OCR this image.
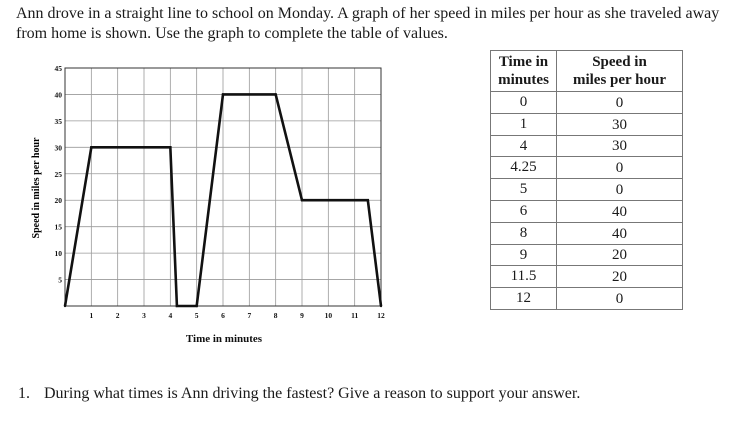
Ann drove in a straight line to school on Monday. A graph of her speed in miles per hour as she traveled away from home is shown. Use the graph to complete the table of values.

5
10
15
20
25
30
35
40
45
1	2	3	4	5	6	7	8	9	10	11	12
Speed in miles per hour
Time in minutes
Time in
minutes	Speed in
miles per hour
0	0
1	30
4	30
4.25	0
5	0
6	40
8	40
9	20
11.5	20
12	0

1. During what times is Ann driving the fastest? Give a reason to support your answer.
